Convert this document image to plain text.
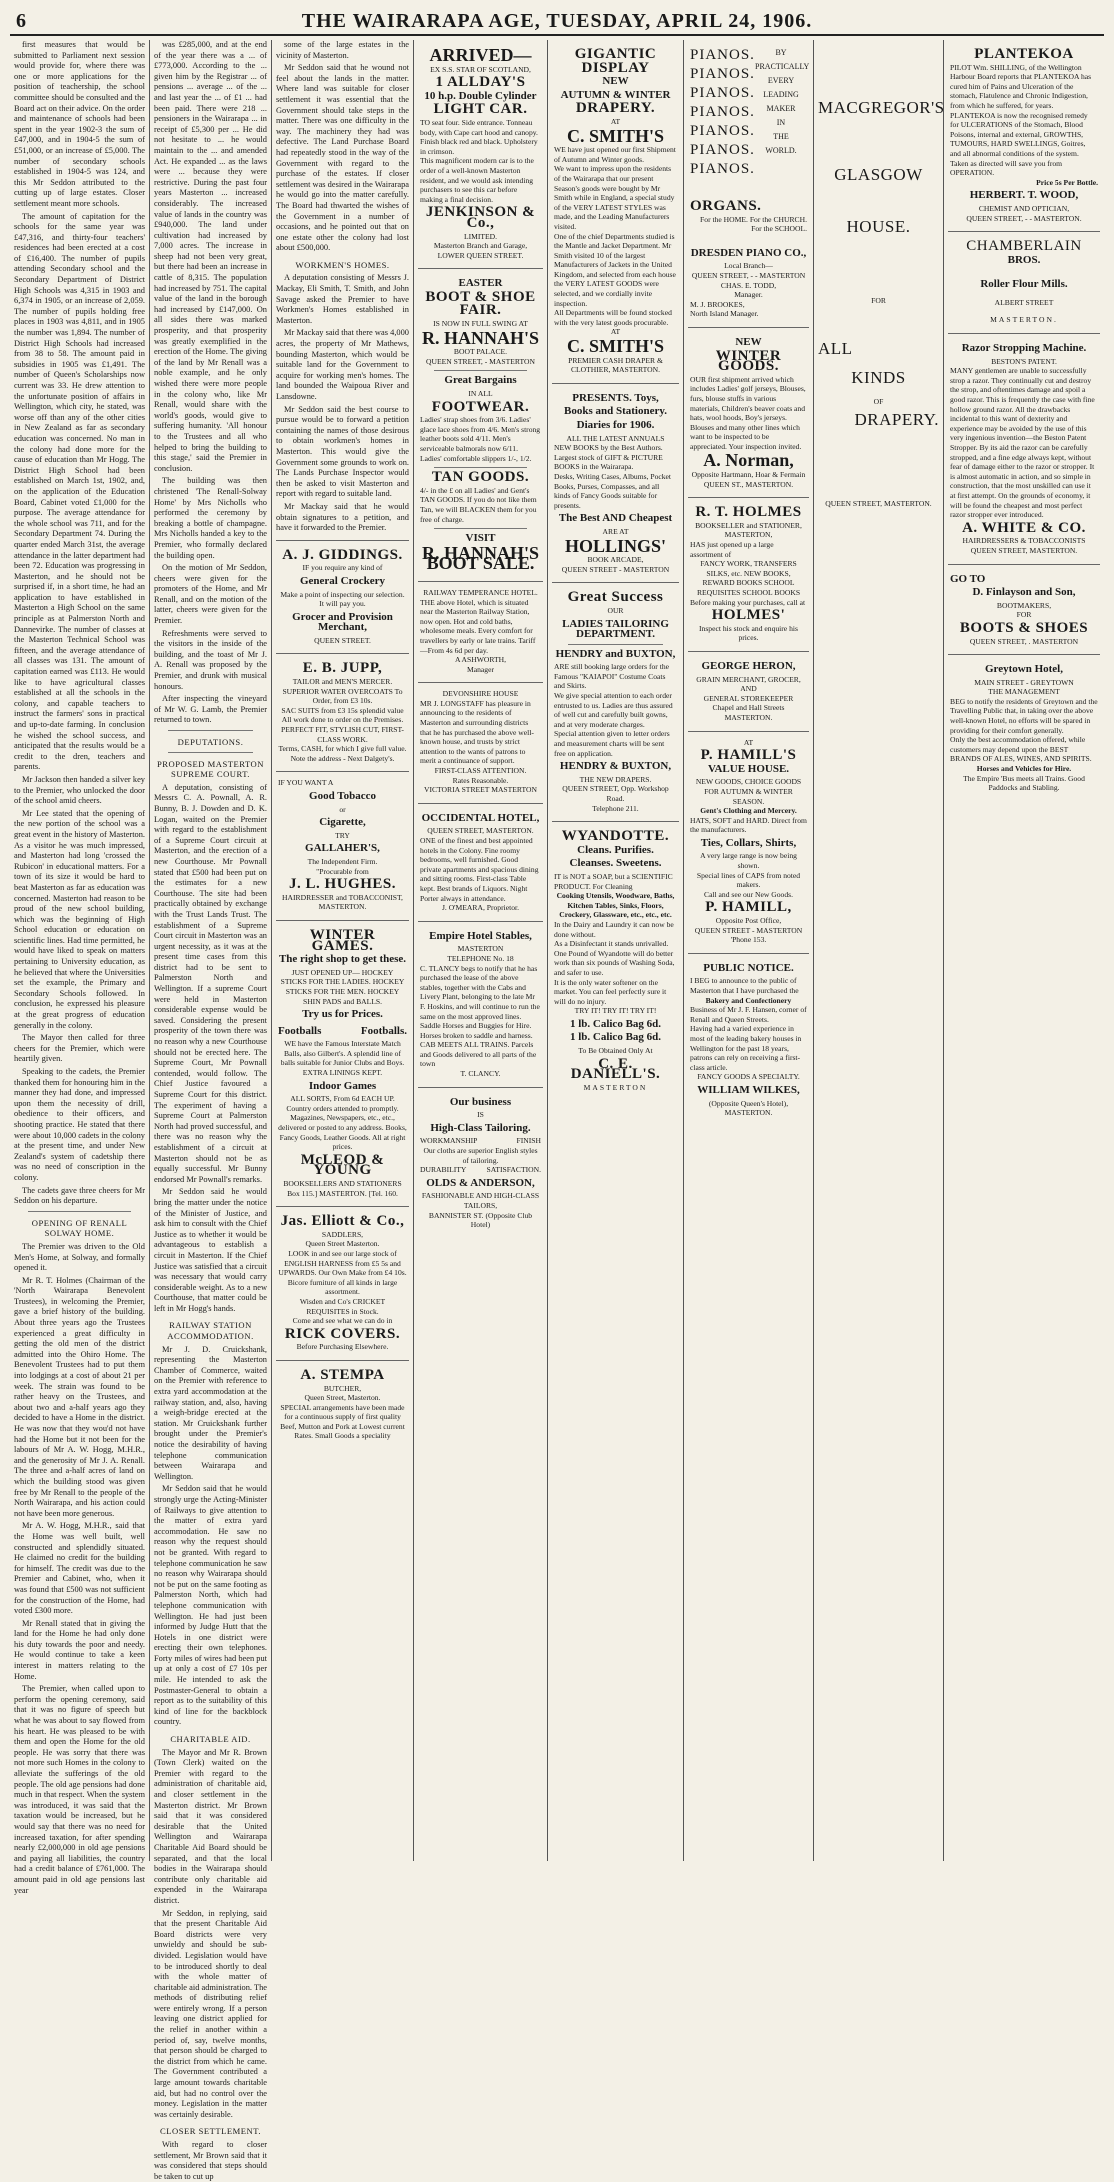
6	THE WAIRARAPA AGE, TUESDAY, APRIL 24, 1906.

first measures that would be submitted to Parliament next session would provide for, where there was one or more applications for the position of teachership, the school committee should be consulted and the Board act on their advice. On the order and maintenance of schools had been spent in the year 1902-3 the sum of £47,000, and in 1904-5 the sum of £51,000, or an increase of £5,000. The number of secondary schools established in 1904-5 was 124, and this Mr Seddon attributed to the cutting up of large estates. Closer settlement meant more schools.

The amount of capitation for the schools for the same year was £47,316, and thirty-four teachers' residences had been erected at a cost of £16,400. The number of pupils attending Secondary school and the Secondary Department of District High Schools was 4,315 in 1903 and 6,374 in 1905, or an increase of 2,059. The number of pupils holding free places in 1903 was 4,811, and in 1905 the number was 1,894. The number of District High Schools had increased from 38 to 58. The amount paid in subsidies in 1905 was £1,491. The number of Queen's Scholarships now current was 33. He drew attention to the unfortunate position of affairs in Wellington, which city, he stated, was worse off than any of the other cities in New Zealand as far as secondary education was concerned. No man in the colony had done more for the cause of education than Mr Hogg. The District High School had been established on March 1st, 1902, and, on the application of the Education Board, Cabinet voted £1,000 for the purpose. The average attendance for the whole school was 711, and for the Secondary Department 74. During the quarter ended March 31st, the average attendance in the latter department had been 72. Education was progressing in Masterton, and he should not be surprised if, in a short time, he had an application to have established in Masterton a High School on the same principle as at Palmerston North and Dannevirke. The number of classes at the Masterton Technical School was fifteen, and the average attendance of all classes was 131. The amount of capitation earned was £113. He would like to have agricultural classes established at all the schools in the colony, and capable teachers to instruct the farmers' sons in practical and up-to-date farming. In conclusion he wished the school success, and anticipated that the results would be a credit to the dren, teachers and parents.

Mr Jackson then handed a silver key to the Premier, who unlocked the door of the school amid cheers.

Mr Lee stated that the opening of the new portion of the school was a great event in the history of Masterton. As a visitor he was much impressed, and Masterton had long 'crossed the Rubicon' in educational matters. For a town of its size it would be hard to beat Masterton as far as education was concerned. Masterton had reason to be proud of the new school building, which was the beginning of High School education or education on scientific lines. Had time permitted, he would have liked to speak on matters pertaining to University education, as he believed that where the Universities set the example, the Primary and Secondary Schools followed. In conclusion, he expressed his pleasure at the great progress of education generally in the colony.

The Mayor then called for three cheers for the Premier, which were heartily given.

Speaking to the cadets, the Premier thanked them for honouring him in the manner they had done, and impressed upon them the necessity of drill, obedience to their officers, and shooting practice. He stated that there were about 10,000 cadets in the colony at the present time, and under New Zealand's system of cadetship there was no need of conscription in the colony.

The cadets gave three cheers for Mr Seddon on his departure.

OPENING OF RENALL SOLWAY HOME.

The Premier was driven to the Old Men's Home, at Solway, and formally opened it.

Mr R. T. Holmes (Chairman of the 'North Wairarapa Benevolent Trustees), in welcoming the Premier, gave a brief history of the building. About three years ago the Trustees experienced a great difficulty in getting the old men of the district admitted into the Ohiro Home. The Benevolent Trustees had to put them into lodgings at a cost of about 21 per week. The strain was found to be rather heavy on the Trustees, and about two and a-half years ago they decided to have a Home in the district. He was now that they wou'd not have had the Home but it not been for the labours of Mr A. W. Hogg, M.H.R., and the generosity of Mr J. A. Renall. The three and a-half acres of land on which the building stood was given free by Mr Renall to the people of the North Wairarapa, and his action could not have been more generous.

Mr A. W. Hogg, M.H.R., said that the Home was well built, well constructed and splendidly situated. He claimed no credit for the building for himself. The credit was due to the Premier and Cabinet, who, when it was found that £500 was not sufficient for the construction of the Home, had voted £300 more.

Mr Renall stated that in giving the land for the Home he had only done his duty towards the poor and needy. He would continue to take a keen interest in matters relating to the Home.

The Premier, when called upon to perform the opening ceremony, said that it was no figure of speech but what he was about to say flowed from his heart. He was pleased to be with them and open the Home for the old people. He was sorry that there was not more such Homes in the colony to alleviate the sufferings of the old people. The old age pensions had done much in that respect. When the system was introduced, it was said that the taxation would be increased, but he would say that there was no need for increased taxation, for after spending nearly £2,000,000 in old age pensions and paying all liabilities, the country had a credit balance of £761,000. The amount paid in old age pensions last year

was £285,000, and at the end of the year there was a ... of £773,000. According to the ... given him by the Registrar ... of pensions ... average ... of the ... and last year the ... of £1 ... had been paid. There were 218 ... pensioners in the Wairarapa ... in receipt of £5,300 per ... He did not hesitate to ... he would maintain to the ... and amended Act. He expanded ... as the laws were ... because they were restrictive. During the past four years Masterton ... increased considerably. The increased value of lands in the country was £940,000. The land under cultivation had increased by 7,000 acres. The increase in sheep had not been very great, but there had been an increase in cattle of 8,315. The population had increased by 751. The capital value of the land in the borough had increased by £147,000. On all sides there was marked prosperity, and that prosperity was greatly exemplified in the erection of the Home. The giving of the land by Mr Renall was a noble example, and he only wished there were more people in the colony who, like Mr Renall, would share with the world's goods, would give to suffering humanity. 'All honour to the Trustees and all who helped to bring the building to this stage,' said the Premier in conclusion.

The building was then christened 'The Renall-Solway Home' by Mrs Nicholls who performed the ceremony by breaking a bottle of champagne. Mrs Nicholls handed a key to the Premier, who formally declared the building open.

On the motion of Mr Seddon, cheers were given for the promoters of the Home, and Mr Renall, and on the motion of the latter, cheers were given for the Premier.

Refreshments were served to the visitors in the inside of the building, and the toast of Mr J. A. Renall was proposed by the Premier, and drunk with musical honours.

After inspecting the vineyard of Mr W. G. Lamb, the Premier returned to town.

DEPUTATIONS.
PROPOSED MASTERTON SUPREME COURT.

A deputation, consisting of Messrs C. A. Pownall, A. R. Bunny, B. J. Dowden and D. K. Logan, waited on the Premier with regard to the establishment of a Supreme Court circuit at Masterton, and the erection of a new Courthouse. Mr Pownall stated that £500 had been put on the estimates for a new Courthouse. The site had been practically obtained by exchange with the Trust Lands Trust. The establishment of a Supreme Court circuit in Masterton was an urgent necessity, as it was at the present time cases from this district had to be sent to Palmerston North and Wellington. If a supreme Court were held in Masterton considerable expense would be saved. Considering the present prosperity of the town there was no reason why a new Courthouse should not be erected here. The Supreme Court, Mr Pownall contended, would follow. The Chief Justice favoured a Supreme Court for this district. The experiment of having a Supreme Court at Palmerston North had proved successful, and there was no reason why the establishment of a circuit at Masterton should not be as equally successful. Mr Bunny endorsed Mr Pownall's remarks.

Mr Seddon said he would bring the matter under the notice of the Minister of Justice, and ask him to consult with the Chief Justice as to whether it would be advantageous to establish a circuit in Masterton. If the Chief Justice was satisfied that a circuit was necessary that would carry considerable weight. As to a new Courthouse, that matter could be left in Mr Hogg's hands.

RAILWAY STATION ACCOMMODATION.

Mr J. D. Cruickshank, representing the Masterton Chamber of Commerce, waited on the Premier with reference to extra yard accommodation at the railway station, and, also, having a weigh-bridge erected at the station. Mr Cruickshank further brought under the Premier's notice the desirability of having telephone communication between Wairarapa and Wellington.

Mr Seddon said that he would strongly urge the Acting-Minister of Railways to give attention to the matter of extra yard accommodation. He saw no reason why the request should not be granted. With regard to telephone communication he saw no reason why Wairarapa should not be put on the same footing as Palmerston North, which had telephone communication with Wellington. He had just been informed by Judge Hutt that the Hotels in one district were erecting their own telephones. Forty miles of wires had been put up at only a cost of £7 10s per mile. He intended to ask the Postmaster-General to obtain a report as to the suitability of this kind of line for the backblock country.

CHARITABLE AID.

The Mayor and Mr R. Brown (Town Clerk) waited on the Premier with regard to the administration of charitable aid, and closer settlement in the Masterton district. Mr Brown said that it was considered desirable that the United Wellington and Wairarapa Charitable Aid Board should be separated, and that the local bodies in the Wairarapa should contribute only charitable aid expended in the Wairarapa district.

Mr Seddon, in replying, said that the present Charitable Aid Board districts were very unwieldy and should be sub-divided. Legislation would have to be introduced shortly to deal with the whole matter of charitable aid administration. The methods of distributing relief were entirely wrong. If a person leaving one district applied for the relief in another within a period of, say, twelve months, that person should be charged to the district from which he came. The Government contributed a large amount towards charitable aid, but had no control over the money. Legislation in the matter was certainly desirable.

CLOSER SETTLEMENT.

With regard to closer settlement, Mr Brown said that it was considered that steps should be taken to cut up

some of the large estates in the vicinity of Masterton.

Mr Seddon said that he wound not feel about the lands in the matter. Where land was suitable for closer settlement it was essential that the Government should take steps in the matter. There was one difficulty in the way. The machinery they had was defective. The Land Purchase Board had repeatedly stood in the way of the Government with regard to the purchase of the estates. If closer settlement was desired in the Wairarapa he would go into the matter carefully. The Board had thwarted the wishes of the Government in a number of occasions, and he pointed out that on one estate other the colony had lost about £500,000.

WORKMEN'S HOMES.

A deputation consisting of Messrs J. Mackay, Eli Smith, T. Smith, and John Savage asked the Premier to have Workmen's Homes established in Masterton.

Mr Mackay said that there was 4,000 acres, the property of Mr Mathews, bounding Masterton, which would be suitable land for the Government to acquire for working men's homes. The land bounded the Waipoua River and Lansdowne.

Mr Seddon said the best course to pursue would be to forward a petition containing the names of those desirous to obtain workmen's homes in Masterton. This would give the Government some grounds to work on. The Lands Purchase Inspector would then be asked to visit Masterton and report with regard to suitable land.

Mr Mackay said that he would obtain signatures to a petition, and have it forwarded to the Premier.

A. J. GIDDINGS.
IF you require any kind of
General Crockery
Make a point of inspecting our selection. It will pay you.
Grocer and Provision Merchant,
QUEEN STREET.
E. B. JUPP,
TAILOR and MEN'S MERCER.
SUPERIOR WATER OVERCOATS To Order, from £3 10s.
SAC SUITS from £3 15s splendid value
All work done to order on the Premises.
PERFECT FIT, STYLISH CUT, FIRST-CLASS WORK.
Terms, CASH, for which I give full value.
Note the address - Next Dalgety's.
IF YOU WANT A
Good Tobacco
or
Cigarette,
TRY
GALLAHER'S,
The Independent Firm.
"Procurable from
J. L. HUGHES.
HAIRDRESSER and TOBACCONIST, MASTERTON.
WINTER GAMES.
The right shop to get these.
JUST OPENED UP— HOCKEY STICKS FOR THE LADIES. HOCKEY STICKS FOR THE MEN. HOCKEY SHIN PADS and BALLS.
Try us for Prices.
Footballs	Footballs.
WE have the Famous Interstate Match Balls, also Gilbert's. A splendid line of balls suitable for Junior Clubs and Boys. EXTRA LININGS KEPT.
Indoor Games
ALL SORTS, From 6d EACH UP.
Country orders attended to promptly. Magazines, Newspapers, etc., etc., delivered or posted to any address. Books, Fancy Goods, Leather Goods. All at right prices.
McLEOD & YOUNG
BOOKSELLERS AND STATIONERS
Box 115.] MASTERTON. [Tel. 160.
Jas. Elliott & Co.,
SADDLERS,
Queen Street Masterton.
LOOK in and see our large stock of ENGLISH HARNESS from £5 5s and UPWARDS. Our Own Make from £4 10s.
Bicore furniture of all kinds in large assortment.
Wisden and Co's CRICKET REQUISITES in Stock.
Come and see what we can do in
RICK COVERS.
Before Purchasing Elsewhere.
A. STEMPA
BUTCHER,
Queen Street, Masterton.
SPECIAL arrangements have been made for a continuous supply of first quality Beef, Mutton and Pork at Lowest current Rates. Small Goods a speciality
ARRIVED—
EX S.S. STAR OF SCOTLAND,
1 ALLDAY'S
10 h.p. Double Cylinder
LIGHT CAR.
TO seat four. Side entrance. Tonneau body, with Cape cart hood and canopy. Finish black red and black. Upholstery in crimson.
This magnificent modern car is to the order of a well-known Masterton resident, and we would ask intending purchasers to see this car before making a final decision.
JENKINSON & Co.,
LIMITED.
Masterton Branch and Garage, LOWER QUEEN STREET.
EASTER
BOOT & SHOE
FAIR.
IS NOW IN FULL SWING AT
R. HANNAH'S
BOOT PALACE.
QUEEN STREET, - MASTERTON
Great Bargains
IN ALL
FOOTWEAR.
Ladies' strap shoes from 3/6. Ladies' glace lace shoes from 4/6. Men's strong leather boots sold 4/11. Men's serviceable balmorals now 6/11. Ladies' comfortable slippers 1/-, 1/2.
TAN GOODS.
4/- in the £ on all Ladies' and Gent's TAN GOODS. If you do not like them Tan, we will BLACKEN them for you free of charge.
VISIT
R. HANNAH'S BOOT SALE.
RAILWAY TEMPERANCE HOTEL.
THE above Hotel, which is situated near the Masterton Railway Station, now open. Hot and cold baths, wholesome meals. Every comfort for travellers by early or late trains. Tariff—From 4s 6d per day.
A ASHWORTH,
Manager
DEVONSHIRE HOUSE
MR J. LONGSTAFF has pleasure in announcing to the residents of Masterton and surrounding districts that he has purchased the above well-known house, and trusts by strict attention to the wants of patrons to merit a continuance of support.
FIRST-CLASS ATTENTION.
Rates Reasonable.
VICTORIA STREET MASTERTON
OCCIDENTAL HOTEL,
QUEEN STREET, MASTERTON.
ONE of the finest and best appointed hotels in the Colony. Fine roomy bedrooms, well furnished. Good private apartments and spacious dining and sitting rooms. First-class Table kept. Best brands of Liquors. Night Porter always in attendance.
J. O'MEARA, Proprietor.
Empire Hotel Stables,
MASTERTON
TELEPHONE No. 18
C. TLANCY begs to notify that he has purchased the lease of the above stables, together with the Cabs and Livery Plant, belonging to the late Mr F. Hoskins, and will continue to run the same on the most approved lines. Saddle Horses and Buggies for Hire. Horses broken to saddle and harness. CAB MEETS ALL TRAINS. Parcels and Goods delivered to all parts of the town
T. CLANCY.
Our business
IS
High-Class Tailoring.
WORKMANSHIP	FINISH
Our cloths are superior English styles of tailoring.
DURABILITY	SATISFACTION.
OLDS & ANDERSON,
FASHIONABLE AND HIGH-CLASS TAILORS,
BANNISTER ST. (Opposite Club Hotel)
GIGANTIC
DISPLAY
NEW
AUTUMN & WINTER
DRAPERY.
AT
C. SMITH'S
WE have just opened our first Shipment of Autumn and Winter goods.
We want to impress upon the residents of the Wairarapa that our present Season's goods were bought by Mr Smith while in England, a special study of the VERY LATEST STYLES was made, and the Leading Manufacturers visited.
One of the chief Departments studied is the Mantle and Jacket Department. Mr Smith visited 10 of the largest Manufacturers of Jackets in the United Kingdom, and selected from each house the VERY LATEST GOODS were selected, and we cordially invite inspection.
All Departments will be found stocked with the very latest goods procurable.
AT
C. SMITH'S
PREMIER CASH DRAPER & CLOTHIER, MASTERTON.
PRESENTS. Toys,
Books and Stationery.
Diaries for 1906.
ALL THE LATEST ANNUALS
NEW BOOKS by the Best Authors. Largest stock of GIFT & PICTURE BOOKS in the Wairarapa.
Desks, Writing Cases, Albums, Pocket Books, Purses, Compasses, and all kinds of Fancy Goods suitable for presents.
The Best AND Cheapest
ARE AT
HOLLINGS'
BOOK ARCADE,
QUEEN STREET - MASTERTON
Great Success
OUR
LADIES TAILORING DEPARTMENT.
HENDRY and BUXTON,
ARE still booking large orders for the Famous "KAIAPOI" Costume Coats and Skirts.
We give special attention to each order entrusted to us. Ladies are thus assured of well cut and carefully built gowns, and at very moderate charges.
Special attention given to letter orders and measurement charts will be sent free on application.
HENDRY & BUXTON,
THE NEW DRAPERS.
QUEEN STREET, Opp. Workshop Road.
Telephone 211.
WYANDOTTE.
Cleans. Purifies.
Cleanses. Sweetens.
IT is NOT a SOAP, but a SCIENTIFIC PRODUCT. For Cleaning
Cooking Utensils, Woodware, Baths, Kitchen Tables, Sinks, Floors, Crockery, Glassware, etc., etc., etc.
In the Dairy and Laundry it can now be done without.
As a Disinfectant it stands unrivalled.
One Pound of Wyandotte will do better work than six pounds of Washing Soda, and safer to use.
It is the only water softener on the market. You can feel perfectly sure it will do no injury.
TRY IT! TRY IT! TRY IT!
1 lb. Calico Bag 6d.
1 lb. Calico Bag 6d.
To Be Obtained Only At
C. E. DANIELL'S.
MASTERTON
PIANOS.
PIANOS.
PIANOS.
PIANOS.
PIANOS.
PIANOS.
PIANOS.
BY
PRACTICALLY
EVERY
LEADING
MAKER
IN
THE
WORLD.
ORGANS.
For the HOME. For the CHURCH. For the SCHOOL.
DRESDEN PIANO CO.,
Local Branch—
QUEEN STREET, - - MASTERTON
CHAS. E. TODD,
Manager.
M. J. BROOKES,
North Island Manager.
NEW
WINTER GOODS.
OUR first shipment arrived which includes Ladies' golf jerseys, Blouses, furs, blouse stuffs in various materials, Children's beaver coats and hats, wool hoods, Boy's jerseys. Blouses and many other lines which want to be inspected to be appreciated. Your inspection invited.
A. Norman,
Opposite Hartmann, Hoar & Fermain QUEEN ST., MASTERTON.
R. T. HOLMES
BOOKSELLER and STATIONER,
MASTERTON,
HAS just opened up a large assortment of
FANCY WORK, TRANSFERS SILKS, etc. NEW BOOKS, REWARD BOOKS SCHOOL REQUISITES SCHOOL BOOKS
Before making your purchases, call at
HOLMES'
Inspect his stock and enquire his prices.
GEORGE HERON,
GRAIN MERCHANT, GROCER, AND
GENERAL STOREKEEPER
Chapel and Hall Streets
MASTERTON.
AT
P. HAMILL'S
VALUE HOUSE.
NEW GOODS, CHOICE GOODS FOR AUTUMN & WINTER SEASON.
Gent's Clothing and Mercery.
HATS, SOFT and HARD. Direct from the manufacturers.
Ties, Collars, Shirts,
A very large range is now being shown.
Special lines of CAPS from noted makers.
Call and see our New Goods.
P. HAMILL,
Opposite Post Office,
QUEEN STREET - MASTERTON
'Phone 153.
PUBLIC NOTICE.
I BEG to announce to the public of Masterton that I have purchased the
Bakery and Confectionery
Business of Mr J. F. Hansen, corner of Renall and Queen Streets.
Having had a varied experience in most of the leading bakery houses in Wellington for the past 18 years, patrons can rely on receiving a first-class article.
FANCY GOODS A SPECIALTY.
WILLIAM WILKES,
(Opposite Queen's Hotel),
MASTERTON.
MACGREGOR'S
GLASGOW
HOUSE.
FOR
ALL
KINDS
OF
DRAPERY.
QUEEN STREET, MASTERTON.
PLANTEKOA
PILOT Wm. SHILLING, of the Wellington Harbour Board reports that PLANTEKOA has cured him of Pains and Ulceration of the stomach, Flatulence and Chronic Indigestion, from which he suffered, for years.
PLANTEKOA is now the recognised remedy for ULCERATIONS of the Stomach, Blood Poisons, internal and external, GROWTHS, TUMOURS, HARD SWELLINGS, Goitres, and all abnormal conditions of the system. Taken as directed will save you from OPERATION.
Price 5s Per Bottle.
HERBERT. T. WOOD,
CHEMIST AND OPTICIAN,
QUEEN STREET, - - MASTERTON.
CHAMBERLAIN
BROS.
Roller Flour Mills.
ALBERT STREET
MASTERTON.
Razor Stropping Machine.
BESTON'S PATENT.
MANY gentlemen are unable to successfully strop a razor. They continually cut and destroy the strop, and oftentimes damage and spoil a good razor. This is frequently the case with fine hollow ground razor. All the drawbacks incidental to this want of dexterity and experience may be avoided by the use of this very ingenious invention—the Beston Patent Stropper. By its aid the razor can be carefully stropped, and a fine edge always kept, without fear of damage either to the razor or stropper. It is almost automatic in action, and so simple in construction, that the most unskilled can use it at first attempt. On the grounds of economy, it will be found the cheapest and most perfect razor stropper ever introduced.
A. WHITE & CO.
HAIRDRESSERS & TOBACCONISTS QUEEN STREET, MASTERTON.
GO TO
D. Finlayson and Son,
BOOTMAKERS,
FOR
BOOTS & SHOES
QUEEN STREET, . MASTERTON
Greytown Hotel,
MAIN STREET - GREYTOWN
THE MANAGEMENT
BEG to notify the residents of Greytown and the Travelling Public that, in taking over the above well-known Hotel, no efforts will be spared in providing for their comfort generally.
Only the best accommodation offered, while customers may depend upon the BEST BRANDS OF ALES, WINES, AND SPIRITS.
Horses and Vehicles for Hire.
The Empire 'Bus meets all Trains. Good Paddocks and Stabling.
